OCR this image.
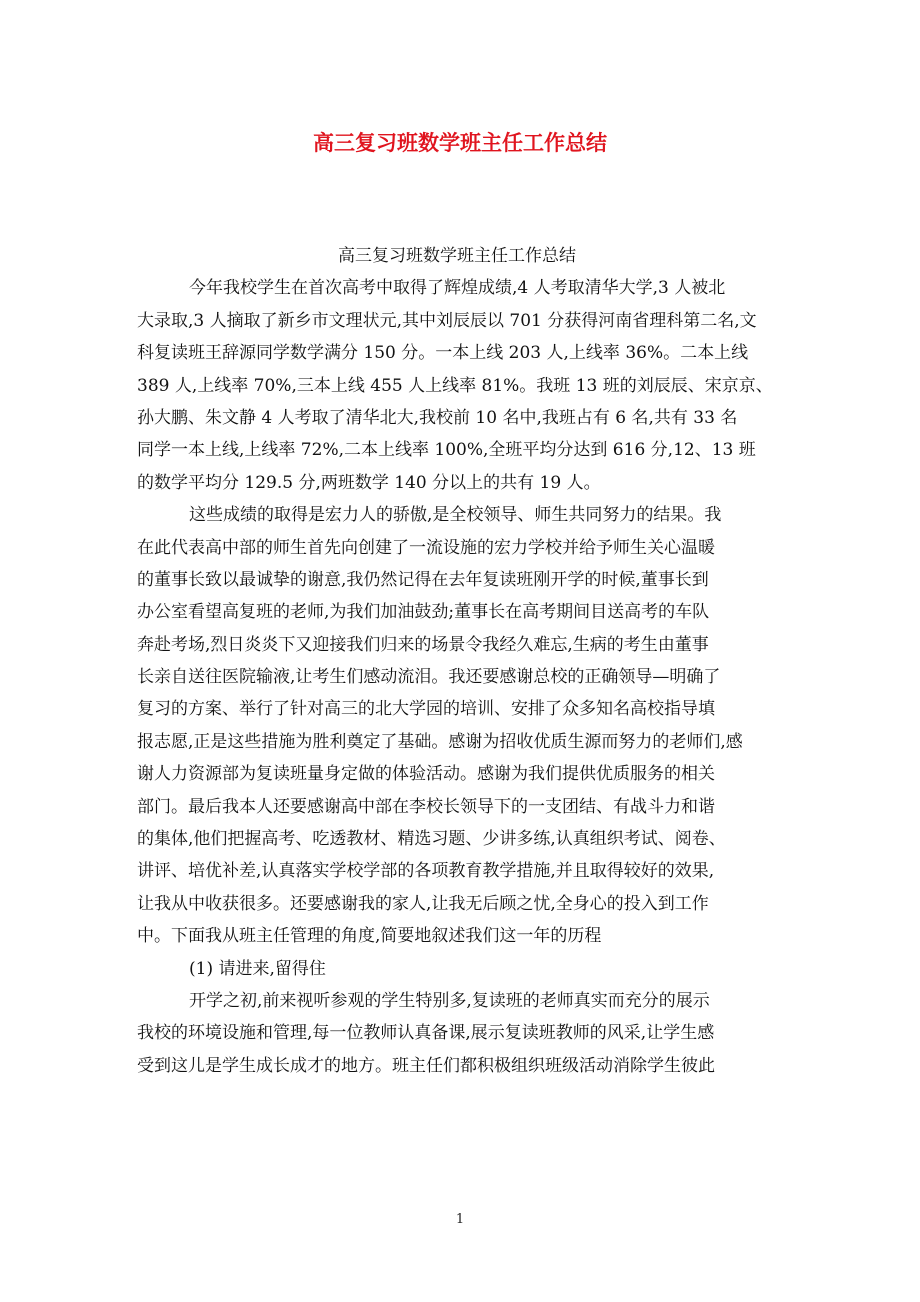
高三复习班数学班主任工作总结
高三复习班数学班主任工作总结
今年我校学生在首次高考中取得了辉煌成绩,4 人考取清华大学,3 人被北
大录取,3 人摘取了新乡市文理状元,其中刘辰辰以 701 分获得河南省理科第二名,文
科复读班王辞源同学数学满分 150 分。一本上线 203 人,上线率 36%。二本上线
389 人,上线率 70%,三本上线 455 人上线率 81%。我班 13 班的刘辰辰、宋京京、
孙大鹏、朱文静 4 人考取了清华北大,我校前 10 名中,我班占有 6 名,共有 33 名
同学一本上线,上线率 72%,二本上线率 100%,全班平均分达到 616 分,12、13 班
的数学平均分 129.5 分,两班数学 140 分以上的共有 19 人。
这些成绩的取得是宏力人的骄傲,是全校领导、师生共同努力的结果。我
在此代表高中部的师生首先向创建了一流设施的宏力学校并给予师生关心温暖
的董事长致以最诚挚的谢意,我仍然记得在去年复读班刚开学的时候,董事长到
办公室看望高复班的老师,为我们加油鼓劲;董事长在高考期间目送高考的车队
奔赴考场,烈日炎炎下又迎接我们归来的场景令我经久难忘,生病的考生由董事
长亲自送往医院输液,让考生们感动流泪。我还要感谢总校的正确领导—明确了
复习的方案、举行了针对高三的北大学园的培训、安排了众多知名高校指导填
报志愿,正是这些措施为胜利奠定了基础。感谢为招收优质生源而努力的老师们,感
谢人力资源部为复读班量身定做的体验活动。感谢为我们提供优质服务的相关
部门。最后我本人还要感谢高中部在李校长领导下的一支团结、有战斗力和谐
的集体,他们把握高考、吃透教材、精选习题、少讲多练,认真组织考试、阅卷、
讲评、培优补差,认真落实学校学部的各项教育教学措施,并且取得较好的效果,
让我从中收获很多。还要感谢我的家人,让我无后顾之忧,全身心的投入到工作
中。下面我从班主任管理的角度,简要地叙述我们这一年的历程
(1) 请进来,留得住
开学之初,前来视听参观的学生特别多,复读班的老师真实而充分的展示
我校的环境设施和管理,每一位教师认真备课,展示复读班教师的风采,让学生感
受到这儿是学生成长成才的地方。班主任们都积极组织班级活动消除学生彼此
1
